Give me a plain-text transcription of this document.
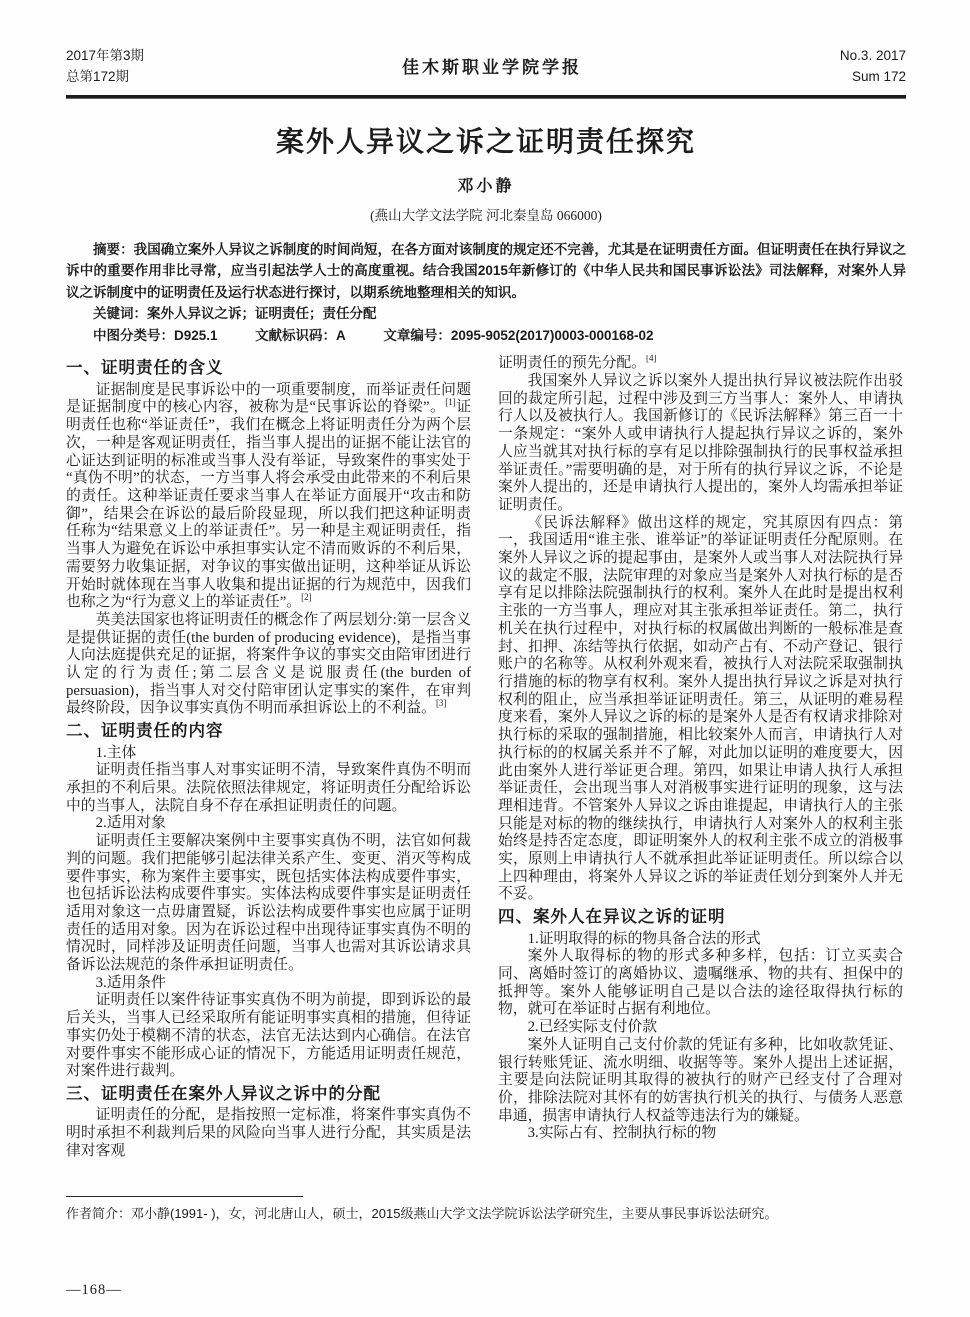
2017年第3期
总第172期	佳木斯职业学院学报
No.3. 2017
Sum 172
案外人异议之诉之证明责任探究
邓小静
(燕山大学文法学院 河北秦皇岛 066000)
摘要：我国确立案外人异议之诉制度的时间尚短，在各方面对该制度的规定还不完善，尤其是在证明责任方面。但证明责任在执行异议之诉中的重要作用非比寻常，应当引起法学人士的高度重视。结合我国2015年新修订的《中华人民共和国民事诉讼法》司法解释，对案外人异议之诉制度中的证明责任及运行状态进行探讨，以期系统地整理相关的知识。
关键词：案外人异议之诉；证明责任；责任分配
中图分类号：D925.1	文献标识码：A	文章编号：2095-9052(2017)0003-000168-02
一、证明责任的含义
证据制度是民事诉讼中的一项重要制度，而举证责任问题是证据制度中的核心内容，被称为是“民事诉讼的脊梁”。[1]证明责任也称“举证责任”，我们在概念上将证明责任分为两个层次，一种是客观证明责任，指当事人提出的证据不能让法官的心证达到证明的标准或当事人没有举证，导致案件的事实处于“真伪不明”的状态，一方当事人将会承受由此带来的不利后果的责任。这种举证责任要求当事人在举证方面展开“攻击和防御”，结果会在诉讼的最后阶段显现，所以我们把这种证明责任称为“结果意义上的举证责任”。另一种是主观证明责任，指当事人为避免在诉讼中承担事实认定不清而败诉的不利后果，需要努力收集证据，对争议的事实做出证明，这种举证从诉讼开始时就体现在当事人收集和提出证据的行为规范中，因我们也称之为“行为意义上的举证责任”。[2]
英美法国家也将证明责任的概念作了两层划分:第一层含义是提供证据的责任(the burden of producing evidence)，是指当事人向法庭提供充足的证据，将案件争议的事实交由陪审团进行认定的行为责任;第二层含义是说服责任(the burden of persuasion)，指当事人对交付陪审团认定事实的案件，在审判最终阶段，因争议事实真伪不明而承担诉讼上的不利益。[3]
二、证明责任的内容
1.主体
证明责任指当事人对事实证明不清，导致案件真伪不明而承担的不利后果。法院依照法律规定，将证明责任分配给诉讼中的当事人，法院自身不存在承担证明责任的问题。
2.适用对象
证明责任主要解决案例中主要事实真伪不明，法官如何裁判的问题。我们把能够引起法律关系产生、变更、消灭等构成要件事实，称为案件主要事实，既包括实体法构成要件事实，也包括诉讼法构成要件事实。实体法构成要件事实是证明责任适用对象这一点毋庸置疑，诉讼法构成要件事实也应属于证明责任的适用对象。因为在诉讼过程中出现待证事实真伪不明的情况时，同样涉及证明责任问题，当事人也需对其诉讼请求具备诉讼法规范的条件承担证明责任。
3.适用条件
证明责任以案件待证事实真伪不明为前提，即到诉讼的最后关头，当事人已经采取所有能证明事实真相的措施，但待证事实仍处于模糊不清的状态，法官无法达到内心确信。在法官对要件事实不能形成心证的情况下，方能适用证明责任规范，对案件进行裁判。
三、证明责任在案外人异议之诉中的分配
证明责任的分配，是指按照一定标准，将案件事实真伪不明时承担不利裁判后果的风险向当事人进行分配，其实质是法律对客观
证明责任的预先分配。[4]
我国案外人异议之诉以案外人提出执行异议被法院作出驳回的裁定所引起，过程中涉及到三方当事人：案外人、申请执行人以及被执行人。我国新修订的《民诉法解释》第三百一十一条规定：“案外人或申请执行人提起执行异议之诉的，案外人应当就其对执行标的享有足以排除强制执行的民事权益承担举证责任。”需要明确的是，对于所有的执行异议之诉，不论是案外人提出的，还是申请执行人提出的，案外人均需承担举证证明责任。
《民诉法解释》做出这样的规定，究其原因有四点：第一，我国适用“谁主张、谁举证”的举证证明责任分配原则。在案外人异议之诉的提起事由，是案外人或当事人对法院执行异议的裁定不服，法院审理的对象应当是案外人对执行标的是否享有足以排除法院强制执行的权利。案外人在此时是提出权利主张的一方当事人，理应对其主张承担举证责任。第二，执行机关在执行过程中，对执行标的权属做出判断的一般标准是查封、扣押、冻结等执行依据，如动产占有、不动产登记、银行账户的名称等。从权利外观来看，被执行人对法院采取强制执行措施的标的物享有权利。案外人提出执行异议之诉是对执行权利的阻止，应当承担举证证明责任。第三，从证明的难易程度来看，案外人异议之诉的标的是案外人是否有权请求排除对执行标的采取的强制措施，相比较案外人而言，申请执行人对执行标的的权属关系并不了解，对此加以证明的难度要大，因此由案外人进行举证更合理。第四，如果让申请人执行人承担举证责任，会出现当事人对消极事实进行证明的现象，这与法理相违背。不管案外人异议之诉由谁提起，申请执行人的主张只能是对标的物的继续执行，申请执行人对案外人的权利主张始终是持否定态度，即证明案外人的权利主张不成立的消极事实，原则上申请执行人不就承担此举证证明责任。所以综合以上四种理由，将案外人异议之诉的举证责任划分到案外人并无不妥。
四、案外人在异议之诉的证明
1.证明取得的标的物具备合法的形式
案外人取得标的物的形式多种多样，包括：订立买卖合同、离婚时签订的离婚协议、遗嘱继承、物的共有、担保中的抵押等。案外人能够证明自己是以合法的途径取得执行标的物，就可在举证时占据有利地位。
2.已经实际支付价款
案外人证明自己支付价款的凭证有多种，比如收款凭证、银行转账凭证、流水明细、收据等等。案外人提出上述证据，主要是向法院证明其取得的被执行的财产已经支付了合理对价，排除法院对其怀有的妨害执行机关的执行、与债务人恶意串通，损害申请执行人权益等违法行为的嫌疑。
3.实际占有、控制执行标的物
作者简介：邓小静(1991- )，女，河北唐山人，硕士，2015级燕山大学文法学院诉讼法学研究生，主要从事民事诉讼法研究。
—168—
